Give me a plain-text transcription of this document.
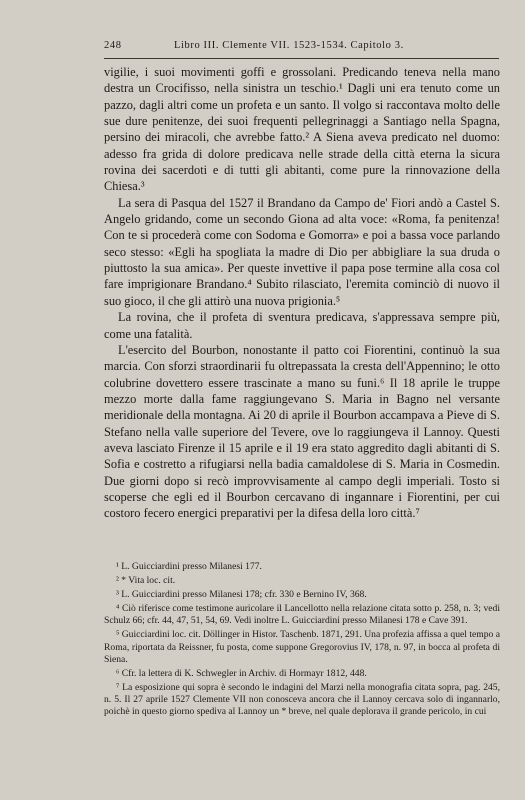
248	Libro III. Clemente VII. 1523-1534. Capitolo 3.

vigilie, i suoi movimenti goffi e grossolani. Predicando teneva nella mano destra un Crocifisso, nella sinistra un teschio.¹ Dagli uni era tenuto come un pazzo, dagli altri come un profeta e un santo. Il volgo si raccontava molto delle sue dure penitenze, dei suoi frequenti pellegrinaggi a Santiago nella Spagna, persino dei miracoli, che avrebbe fatto.² A Siena aveva predicato nel duomo: adesso fra grida di dolore predicava nelle strade della città eterna la sicura rovina dei sacerdoti e di tutti gli abitanti, come pure la rinnovazione della Chiesa.³

La sera di Pasqua del 1527 il Brandano da Campo de' Fiori andò a Castel S. Angelo gridando, come un secondo Giona ad alta voce: «Roma, fa penitenza! Con te si procederà come con Sodoma e Gomorra» e poi a bassa voce parlando seco stesso: «Egli ha spogliata la madre di Dio per abbigliare la sua druda o piuttosto la sua amica». Per queste invettive il papa pose termine alla cosa col fare imprigionare Brandano.⁴ Subito rilasciato, l'eremita cominciò di nuovo il suo gioco, il che gli attirò una nuova prigionia.⁵

La rovina, che il profeta di sventura predicava, s'appressava sempre più, come una fatalità.

L'esercito del Bourbon, nonostante il patto coi Fiorentini, continuò la sua marcia. Con sforzi straordinarii fu oltrepassata la cresta dell'Appennino; le otto colubrine dovettero essere trascinate a mano su funi.⁶ Il 18 aprile le truppe mezzo morte dalla fame raggiungevano S. Maria in Bagno nel versante meridionale della montagna. Ai 20 di aprile il Bourbon accampava a Pieve di S. Stefano nella valle superiore del Tevere, ove lo raggiungeva il Lannoy. Questi aveva lasciato Firenze il 15 aprile e il 19 era stato aggredito dagli abitanti di S. Sofia e costretto a rifugiarsi nella badia camaldolese di S. Maria in Cosmedin. Due giorni dopo si recò improvvisamente al campo degli imperiali. Tosto si scoperse che egli ed il Bourbon cercavano di ingannare i Fiorentini, per cui costoro fecero energici preparativi per la difesa della loro città.⁷

¹ L. Guicciardini presso Milanesi 177.

² * Vita loc. cit.

³ L. Guicciardini presso Milanesi 178; cfr. 330 e Bernino IV, 368.

⁴ Ciò riferisce come testimone auricolare il Lancellotto nella relazione citata sotto p. 258, n. 3; vedi Schulz 66; cfr. 44, 47, 51, 54, 69. Vedi inoltre L. Guicciardini presso Milanesi 178 e Cave 391.

⁵ Guicciardini loc. cit. Döllinger in Histor. Taschenb. 1871, 291. Una profezia affissa a quel tempo a Roma, riportata da Reissner, fu posta, come suppone Gregorovius IV, 178, n. 97, in bocca al profeta di Siena.

⁶ Cfr. la lettera di K. Schwegler in Archiv. di Hormayr 1812, 448.

⁷ La esposizione qui sopra è secondo le indagini del Marzi nella monografia citata sopra, pag. 245, n. 5. Il 27 aprile 1527 Clemente VII non conosceva ancora che il Lannoy cercava solo di ingannarlo, poichè in questo giorno spediva al Lannoy un * breve, nel quale deplorava il grande pericolo, in cui
